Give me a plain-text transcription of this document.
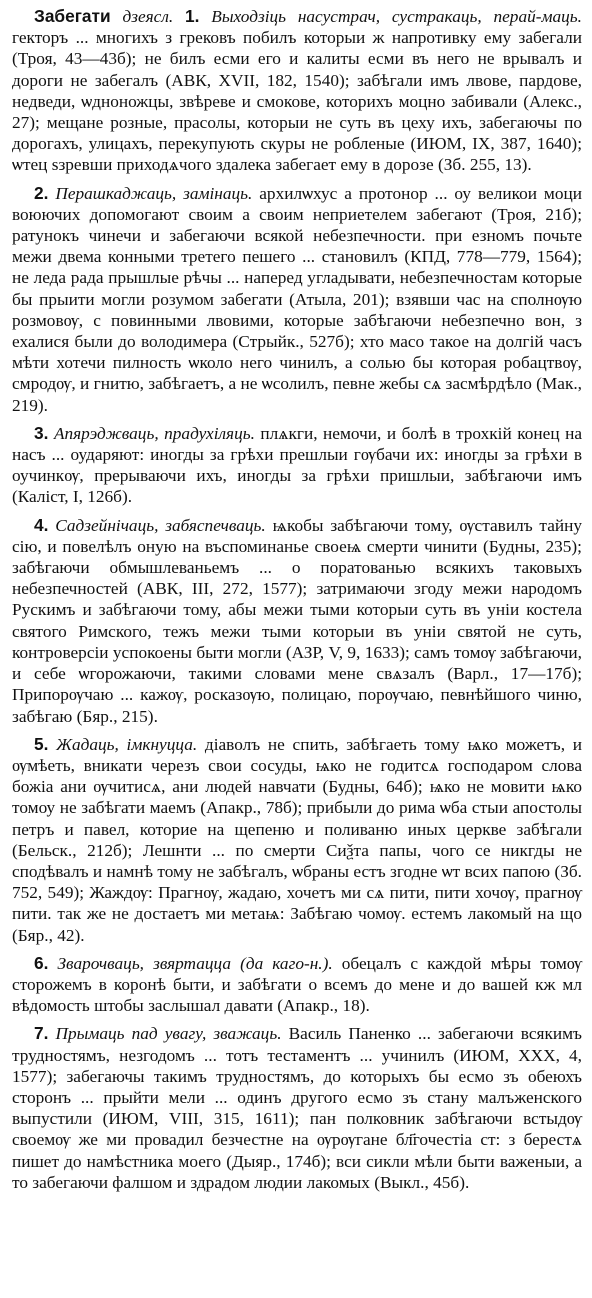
Забегати дзеясл. 1. Выходзіць насустрач, сустракаць, перай-маць. гекторъ ... многихъ з грековъ побилъ которыи ж напротивку ему забегали (Троя, 43—43б); не билъ есми его и калиты есми въ него не врывалъ и дороги не забегалъ (АВК, XVII, 182, 1540); забѣгали имъ лвове, пардове, недведи, ѡдноножцы, звѣреве и смокове, которихъ моцно забивали (Алекс., 27); мещане розные, прасолы, которыи не суть въ цеху ихъ, забегаючы по дорогахъ, улицахъ, перекупують скуры не робленые (ИЮМ, IX, 387, 1640); ѡтец ѕзревши приходѧчого здалека забегает ему в дорозе (Зб. 255, 13).

2. Перашкаджаць, замінаць. архилѡхус а протонор ... оу великои моци воюючих допомогают своим а своим неприетелем забегают (Троя, 21б); ратунокъ чинечи и забегаючи всякой небезпечности. при езномъ почьте межи двема конными третего пешего ... становилъ (КПД, 778—779, 1564); не леда рада прышлые рѣчы ... наперед угладывати, небезпечностам которые бы прыити могли розумом забегати (Атыла, 201); взявши час на сполнѹю розмовѹ, с повинными лвовими, которые забѣгаючи небезпечно вон, з ехалися были до володимера (Стрыйк., 527б); хто масо такое на долгій часъ мѣти хотечи пилность ѡколо него чинилъ, а солью бы которая робацтвѹ, смродѹ, и гнитю, забѣгаетъ, а не ѡсолилъ, певне жебы сѧ засмѣрдѣло (Мак., 219).

3. Апярэджваць, прадухіляць. плѧкги, немочи, и болѣ в трохкій конец на насъ ... оударяют: иногды за грѣхи прешлыи гѹбачи их: иногды за грѣхи в оучинкѹ, прерываючи ихъ, иногды за грѣхи пришлыи, забѣгаючи имъ (Каліст, I, 126б).

4. Садзейнічаць, забяспечваць. ѩкобы забѣгаючи тому, ѹставилъ тайну сію, и повелѣлъ оную на въспоминанье своеѩ смерти чинити (Будны, 235); забѣгаючи обмышлеваньемъ ... о поратованью всякихъ таковыхъ небезпечностей (АВК, III, 272, 1577); затримаючи згоду межи народомъ Рускимъ и забѣгаючи тому, абы межи тыми которыи суть въ уніи костела святого Римского, тежъ межи тыми которыи въ уніи святой не суть, контроверсіи успокоены быти могли (АЗР, V, 9, 1633); самъ томѹ забѣгаючи, и себе ѡгорожаючи, такими словами мене свѧзалъ (Варл., 17—17б); Припорѹчаю ... кажѹ, росказѹю, полицаю, порѹчаю, певнѣйшого чиню, забѣгаю (Бяр., 215).

5. Жадаць, імкнуцца. діаволъ не спить, забѣгаеть тому ѩко можетъ, и ѹмѣеть, вникати черезъ свои сосуды, ѩко не годитсѧ господаром слова божіа ани ѹчитисѧ, ани людей навчати (Будны, 64б); ѩко не мовити ѩко томоу не забѣгати маемъ (Апакр., 78б); прибыли до рима ѡба стыи апостолы петръ и павел, которие на щепеню и поливаню иных церкве забѣгали (Бельск., 212б); Лешнти ... по смерти Сиѯта папы, чого се никгды не сподѣвалъ и намнѣ тому не забѣгалъ, ѡбраны естъ згодне ѡт всих папою (Зб. 752, 549); Жаждѹ: Прагнѹ, жадаю, хочетъ ми сѧ пити, пити хочѹ, прагнѹ пити. так же не достаетъ ми метаѩ: Забѣгаю чомѹ. естемъ лакомый на що (Бяр., 42).

6. Зварочваць, звяртацца (да каго-н.). обецалъ с каждой мѣры томѹ сторожемъ в коронѣ быти, и забѣгати о всемъ до мене и до вашей кж мл вѣдомость штобы заслышал давати (Апакр., 18).

7. Прымаць пад увагу, зважаць. Василь Паненко ... забегаючи всякимъ трудностямъ, незгодомъ ... тотъ тестаментъ ... учинилъ (ИЮМ, XXX, 4, 1577); забегаючы такимъ трудностямъ, до которыхъ бы есмо зъ обеюхъ сторонъ ... прыйти мели ... одинъ другого есмо зъ стану малъженского выпустили (ИЮМ, VIII, 315, 1611); пан полковник забѣгаючи встыдѹ своемѹ же ми провадил безчестне на ѹрѹгане бл҃гочестіа ст: з берестѧ пишет до намѣстника моего (Дыяр., 174б); вси сикли мѣли быти важеныи, а то забегаючи фалшом и здрадом людии лакомых (Выкл., 45б).
